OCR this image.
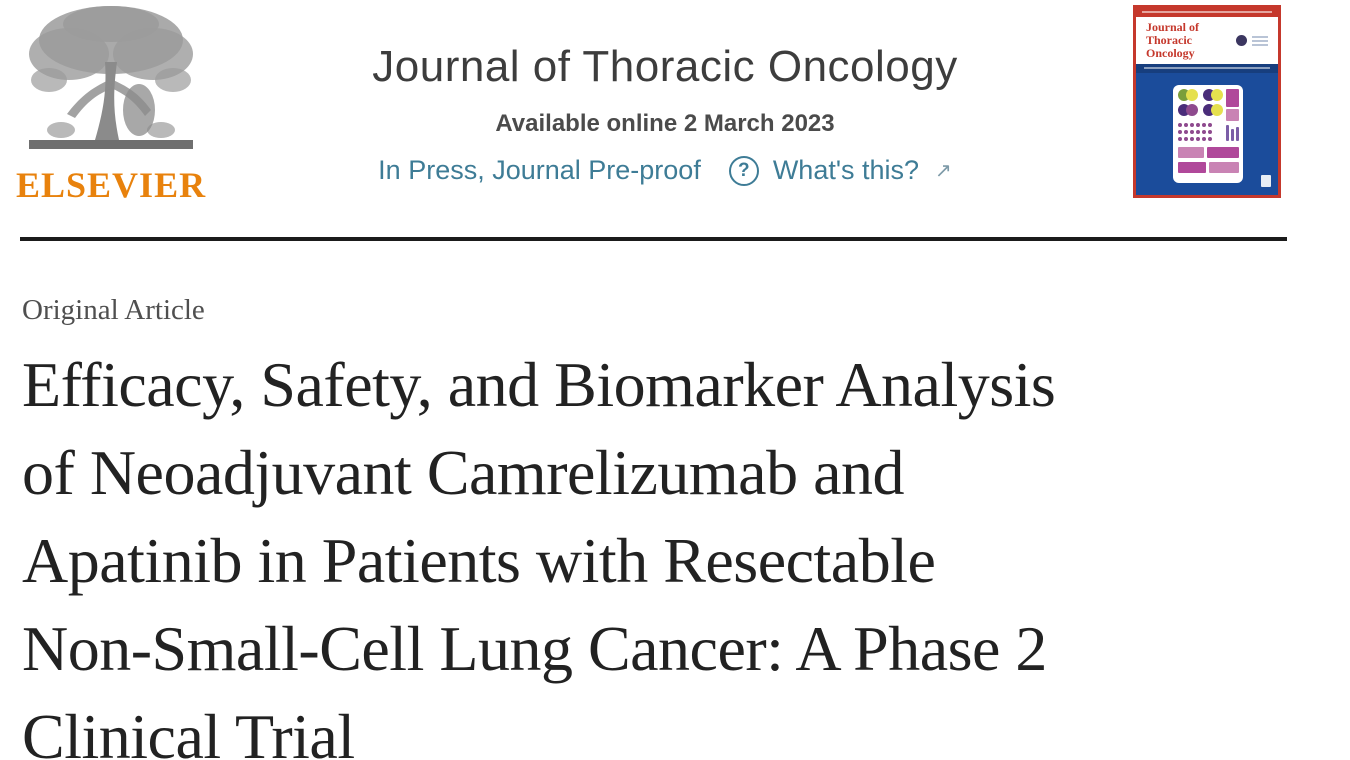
ELSEVIER
Journal of Thoracic Oncology
Available online 2 March 2023
In Press, Journal Pre-proof ? What's this? ↗
Journal of
Thoracic
Oncology
Original Article
Efficacy, Safety, and Biomarker Analysis
of Neoadjuvant Camrelizumab and
Apatinib in Patients with Resectable
Non-Small-Cell Lung Cancer: A Phase 2
Clinical Trial
